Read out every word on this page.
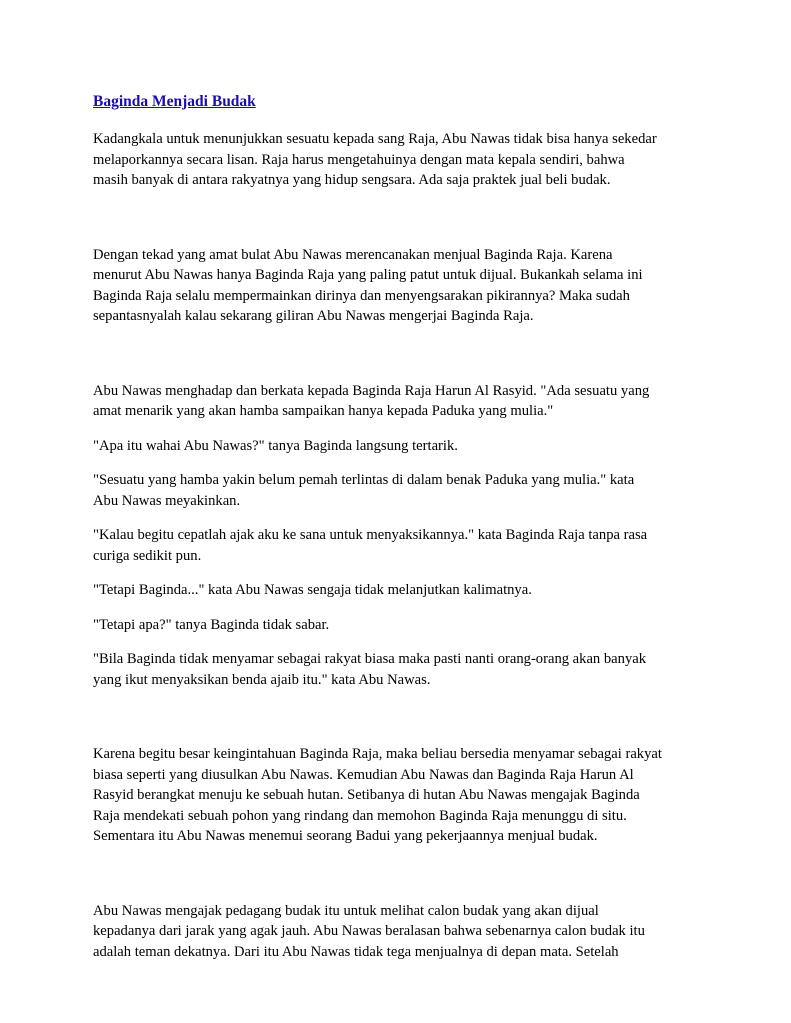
Baginda Menjadi Budak

Kadangkala untuk menunjukkan sesuatu kepada sang Raja, Abu Nawas tidak bisa hanya sekedar
melaporkannya secara lisan. Raja harus mengetahuinya dengan mata kepala sendiri, bahwa
masih banyak di antara rakyatnya yang hidup sengsara. Ada saja praktek jual beli budak.

Dengan tekad yang amat bulat Abu Nawas merencanakan menjual Baginda Raja. Karena
menurut Abu Nawas hanya Baginda Raja yang paling patut untuk dijual. Bukankah selama ini
Baginda Raja selalu mempermainkan dirinya dan menyengsarakan pikirannya? Maka sudah
sepantasnyalah kalau sekarang giliran Abu Nawas mengerjai Baginda Raja.

Abu Nawas menghadap dan berkata kepada Baginda Raja Harun Al Rasyid. "Ada sesuatu yang
amat menarik yang akan hamba sampaikan hanya kepada Paduka yang mulia."

"Apa itu wahai Abu Nawas?" tanya Baginda langsung tertarik.

"Sesuatu yang hamba yakin belum pemah terlintas di dalam benak Paduka yang mulia." kata
Abu Nawas meyakinkan.

"Kalau begitu cepatlah ajak aku ke sana untuk menyaksikannya." kata Baginda Raja tanpa rasa
curiga sedikit pun.

"Tetapi Baginda..." kata Abu Nawas sengaja tidak melanjutkan kalimatnya.

"Tetapi apa?" tanya Baginda tidak sabar.

"Bila Baginda tidak menyamar sebagai rakyat biasa maka pasti nanti orang-orang akan banyak
yang ikut menyaksikan benda ajaib itu." kata Abu Nawas.

Karena begitu besar keingintahuan Baginda Raja, maka beliau bersedia menyamar sebagai rakyat
biasa seperti yang diusulkan Abu Nawas. Kemudian Abu Nawas dan Baginda Raja Harun Al
Rasyid berangkat menuju ke sebuah hutan. Setibanya di hutan Abu Nawas mengajak Baginda
Raja mendekati sebuah pohon yang rindang dan memohon Baginda Raja menunggu di situ.
Sementara itu Abu Nawas menemui seorang Badui yang pekerjaannya menjual budak.

Abu Nawas mengajak pedagang budak itu untuk melihat calon budak yang akan dijual
kepadanya dari jarak yang agak jauh. Abu Nawas beralasan bahwa sebenarnya calon budak itu
adalah teman dekatnya. Dari itu Abu Nawas tidak tega menjualnya di depan mata. Setelah
